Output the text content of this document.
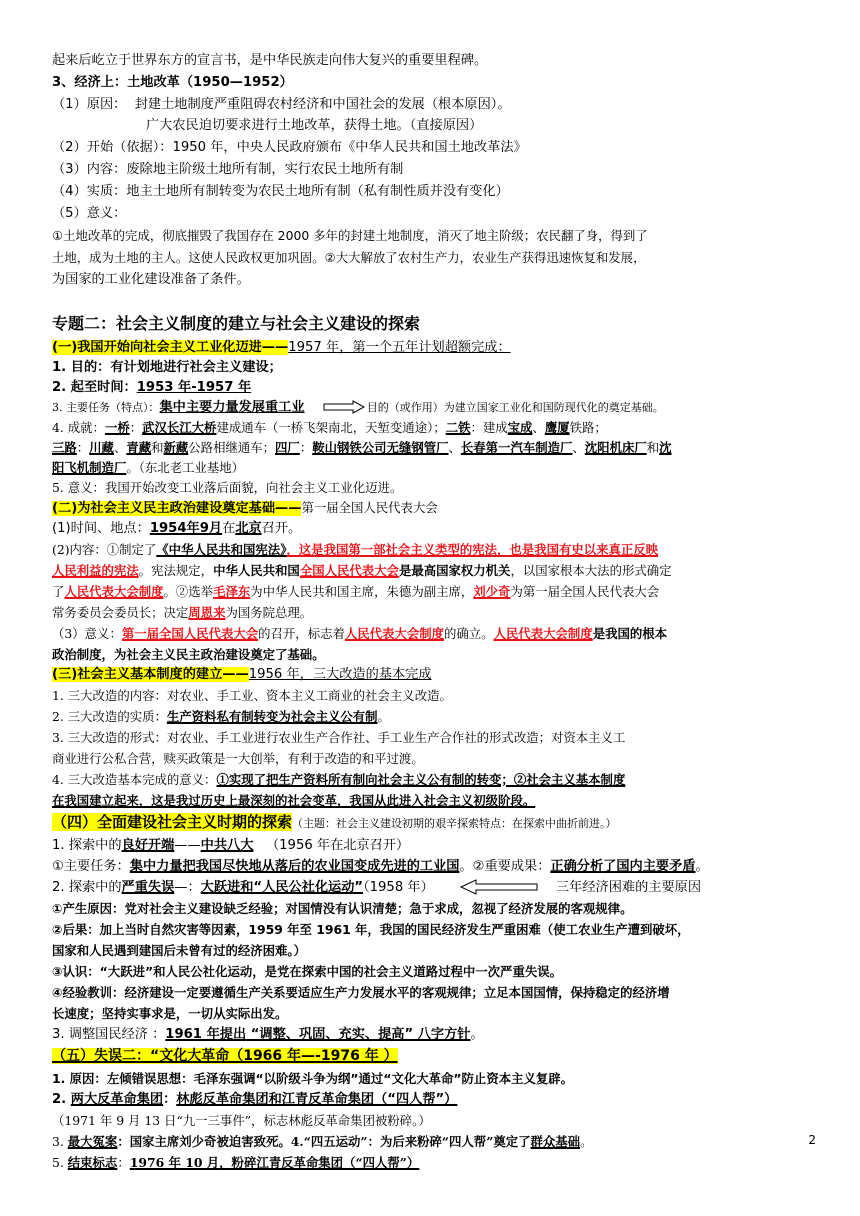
起来后屹立于世界东方的宣言书，是中华民族走向伟大复兴的重要里程碑。
3、经济上：土地改革（1950—1952）
（1）原因： 封建土地制度严重阻碍农村经济和中国社会的发展（根本原因）。
广大农民迫切要求进行土地改革，获得土地。（直接原因）
（2）开始（依据）：1950 年，中央人民政府颁布《中华人民共和国土地改革法》
（3）内容：废除地主阶级土地所有制，实行农民土地所有制
（4）实质：地主土地所有制转变为农民土地所有制（私有制性质并没有变化）
（5）意义：
①土地改革的完成，彻底摧毁了我国存在 2000 多年的封建土地制度，消灭了地主阶级；农民翻了身，得到了
土地，成为土地的主人。这使人民政权更加巩固。②大大解放了农村生产力，农业生产获得迅速恢复和发展，
为国家的工业化建设准备了条件。
专题二：社会主义制度的建立与社会主义建设的探索
(一)我国开始向社会主义工业化迈进——1957 年，第一个五年计划超额完成：
1. 目的：有计划地进行社会主义建设；
2. 起至时间：1953 年-1957 年
3. 主要任务（特点）：集中主要力量发展重工业	目的（或作用）为建立国家工业化和国防现代化的奠定基础。
4. 成就：一桥：武汉长江大桥建成通车（一桥飞架南北，天堑变通途）；二铁：建成宝成、鹰厦铁路；
三路：川藏、青藏和新藏公路相继通车；四厂：鞍山钢铁公司无缝钢管厂、长春第一汽车制造厂、沈阳机床厂和沈
阳飞机制造厂。（东北老工业基地）
5. 意义：我国开始改变工业落后面貌，向社会主义工业化迈进。
(二)为社会主义民主政治建设奠定基础——第一届全国人民代表大会
(1)时间、地点：1954年9月在北京召开。
(2)内容：①制定了《中华人民共和国宪法》，这是我国第一部社会主义类型的宪法，也是我国有史以来真正反映
人民利益的宪法。宪法规定，中华人民共和国全国人民代表大会是最高国家权力机关，以国家根本大法的形式确定
了人民代表大会制度。②选举毛泽东为中华人民共和国主席，朱德为副主席，刘少奇为第一届全国人民代表大会
常务委员会委员长；决定周恩来为国务院总理。
（3）意义：第一届全国人民代表大会的召开，标志着人民代表大会制度的确立。人民代表大会制度是我国的根本
政治制度，为社会主义民主政治建设奠定了基础。
(三)社会主义基本制度的建立——1956 年，三大改造的基本完成
1. 三大改造的内容：对农业、手工业、资本主义工商业的社会主义改造。
2. 三大改造的实质：生产资料私有制转变为社会主义公有制。
3. 三大改造的形式：对农业、手工业进行农业生产合作社、手工业生产合作社的形式改造；对资本主义工
商业进行公私合营，赎买政策是一大创举，有利于改造的和平过渡。
4. 三大改造基本完成的意义：①实现了把生产资料所有制向社会主义公有制的转变；②社会主义基本制度
在我国建立起来，这是我过历史上最深刻的社会变革，我国从此进入社会主义初级阶段。
（四）全面建设社会主义时期的探索（主题：社会主义建设初期的艰辛探索特点：在探索中曲折前进。）
1. 探索中的良好开端——中共八大 （1956 年在北京召开）
①主要任务：集中力量把我国尽快地从落后的农业国变成先进的工业国。②重要成果：正确分析了国内主要矛盾。
2. 探索中的严重失误—：大跃进和“人民公社化运动”（1958 年）	三年经济困难的主要原因
①产生原因：党对社会主义建设缺乏经验；对国情没有认识清楚；急于求成，忽视了经济发展的客观规律。
②后果：加上当时自然灾害等因素，1959 年至 1961 年，我国的国民经济发生严重困难（使工农业生产遭到破坏，
国家和人民遇到建国后未曾有过的经济困难。）
③认识：“大跃进”和人民公社化运动，是党在探索中国的社会主义道路过程中一次严重失误。
④经验教训：经济建设一定要遵循生产关系要适应生产力发展水平的客观规律；立足本国国情，保持稳定的经济增
长速度；坚持实事求是，一切从实际出发。
3. 调整国民经济 ：1961 年提出 “调整、巩固、充实、提高” 八字方针。
（五）失误二：“文化大革命（1966 年—-1976 年 ）
1. 原因：左倾错误思想：毛泽东强调“以阶级斗争为纲”通过“文化大革命”防止资本主义复辟。
2. 两大反革命集团：林彪反革命集团和江青反革命集团（“四人帮”）
（1971 年 9 月 13 日“九一三事件”，标志林彪反革命集团被粉碎。）
3. 最大冤案：国家主席刘少奇被迫害致死。4.“四五运动”：为后来粉碎“四人帮”奠定了群众基础。
5. 结束标志：1976 年 10 月，粉碎江青反革命集团（“四人帮”）
2
